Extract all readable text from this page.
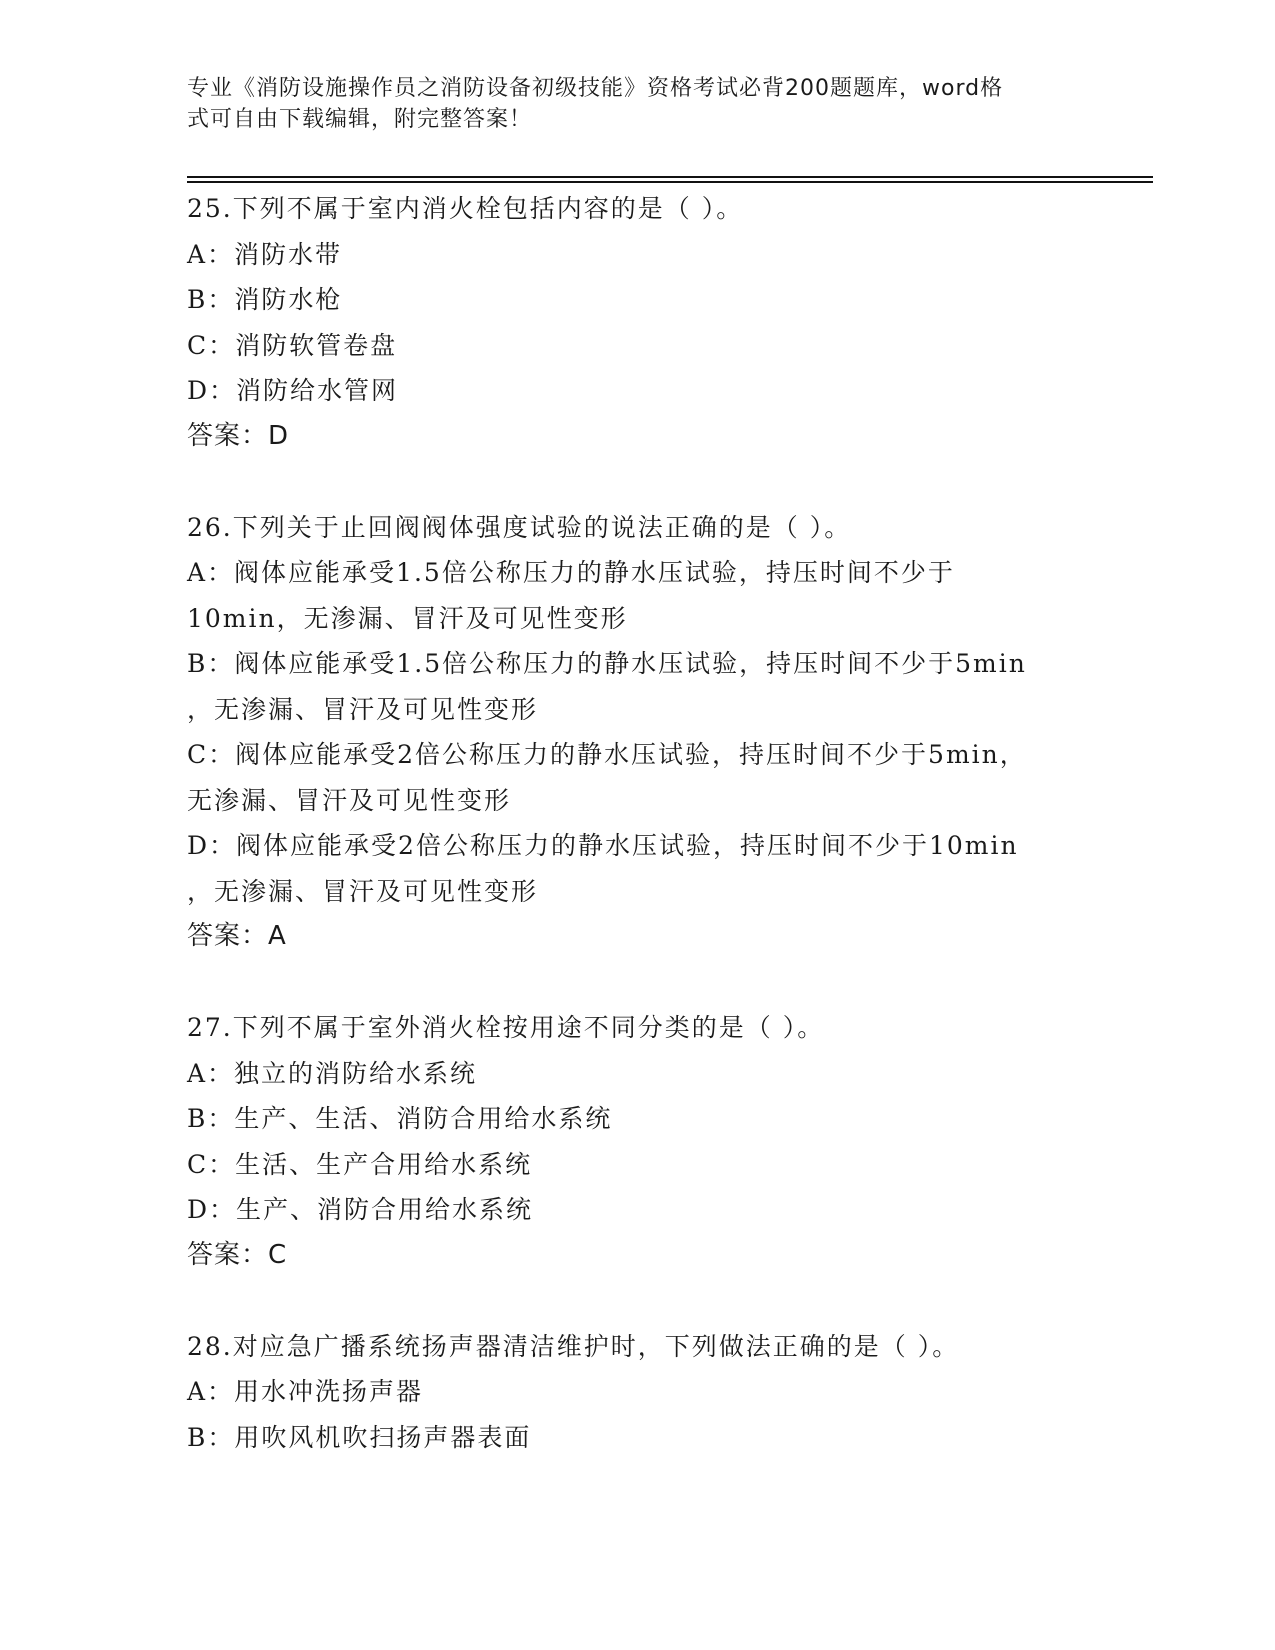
专业《消防设施操作员之消防设备初级技能》资格考试必背200题题库，word格
式可自由下载编辑，附完整答案！
25.下列不属于室内消火栓包括内容的是（ ）。
A：消防水带
B：消防水枪
C：消防软管卷盘
D：消防给水管网
答案：D
26.下列关于止回阀阀体强度试验的说法正确的是（ ）。
A：阀体应能承受1.5倍公称压力的静水压试验，持压时间不少于
10min，无渗漏、冒汗及可见性变形
B：阀体应能承受1.5倍公称压力的静水压试验，持压时间不少于5min
，无渗漏、冒汗及可见性变形
C：阀体应能承受2倍公称压力的静水压试验，持压时间不少于5min，
无渗漏、冒汗及可见性变形
D：阀体应能承受2倍公称压力的静水压试验，持压时间不少于10min
，无渗漏、冒汗及可见性变形
答案：A
27.下列不属于室外消火栓按用途不同分类的是（ ）。
A：独立的消防给水系统
B：生产、生活、消防合用给水系统
C：生活、生产合用给水系统
D：生产、消防合用给水系统
答案：C
28.对应急广播系统扬声器清洁维护时，下列做法正确的是（ ）。
A：用水冲洗扬声器
B：用吹风机吹扫扬声器表面
